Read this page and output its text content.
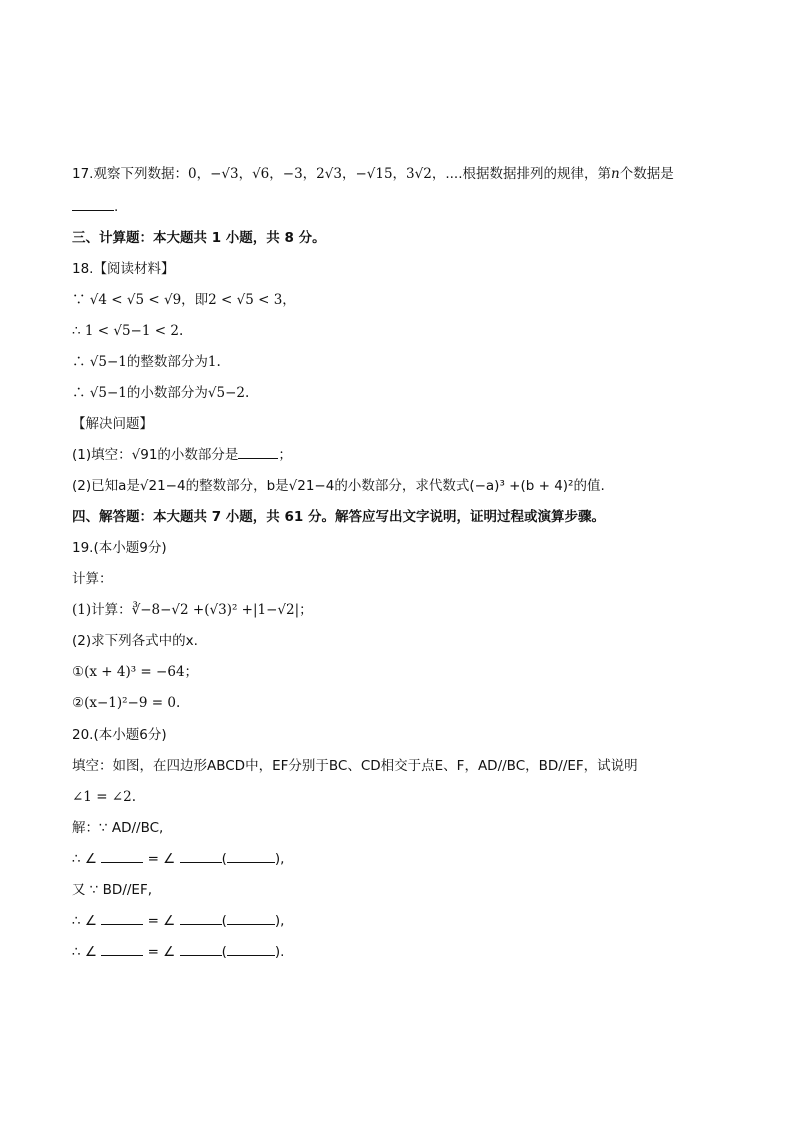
17.观察下列数据：0，−√3，√6，−3，2√3，−√15，3√2，....根据数据排列的规律，第n个数据是
.
三、计算题：本大题共 1 小题，共 8 分。
18.【阅读材料】
∵ √4 < √5 < √9，即2 < √5 < 3，
∴ 1 < √5−1 < 2.
∴ √5−1的整数部分为1.
∴ √5−1的小数部分为√5−2.
【解决问题】
(1)填空：√91的小数部分是	；
(2)已知a是√21−4的整数部分，b是√21−4的小数部分，求代数式(−a)³ +(b + 4)²的值.
四、解答题：本大题共 7 小题，共 61 分。解答应写出文字说明，证明过程或演算步骤。
19.(本小题9分)
计算：
(1)计算：∛−8−√2 +(√3)² +|1−√2|；
(2)求下列各式中的x.
①(x + 4)³ = −64；
②(x−1)²−9 = 0.
20.(本小题6分)
填空：如图，在四边形ABCD中，EF分别于BC、CD相交于点E、F，AD//BC，BD//EF，试说明
∠1 = ∠2.
解：∵ AD//BC,
∴ ∠	= ∠	(	),
又 ∵ BD//EF,
∴ ∠	= ∠	(	),
∴ ∠	= ∠	(	).
